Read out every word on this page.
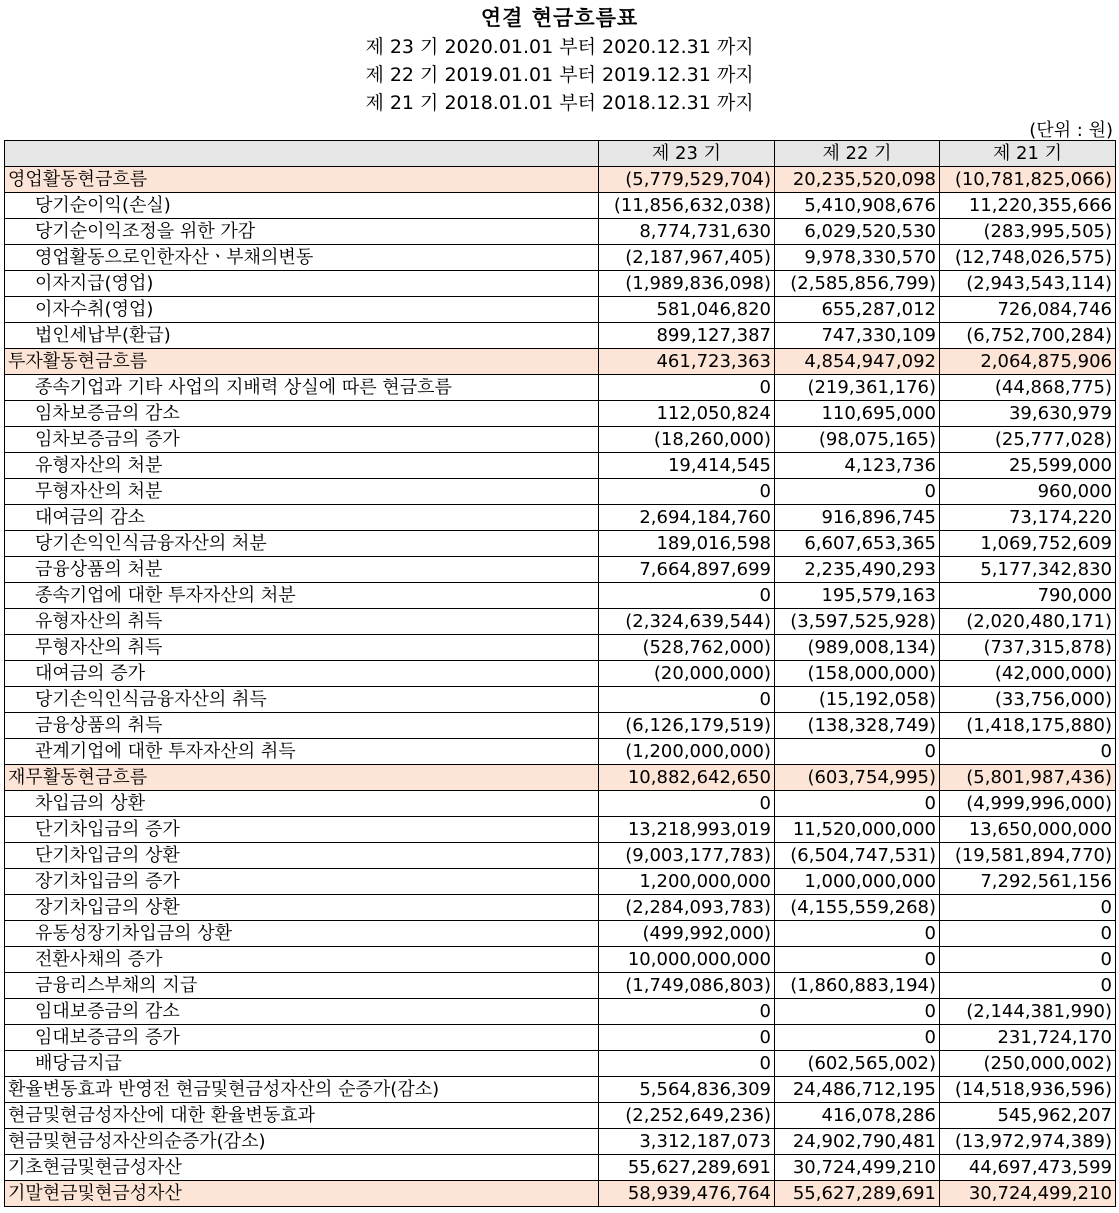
연결 현금흐름표
제 23 기 2020.01.01 부터 2020.12.31 까지
제 22 기 2019.01.01 부터 2019.12.31 까지
제 21 기 2018.01.01 부터 2018.12.31 까지
(단위 : 원)
	제 23 기	제 22 기	제 21 기
영업활동현금흐름	(5,779,529,704)	20,235,520,098	(10,781,825,066)
당기순이익(손실)	(11,856,632,038)	5,410,908,676	11,220,355,666
당기순이익조정을 위한 가감	8,774,731,630	6,029,520,530	(283,995,505)
영업활동으로인한자산ㆍ부채의변동	(2,187,967,405)	9,978,330,570	(12,748,026,575)
이자지급(영업)	(1,989,836,098)	(2,585,856,799)	(2,943,543,114)
이자수취(영업)	581,046,820	655,287,012	726,084,746
법인세납부(환급)	899,127,387	747,330,109	(6,752,700,284)
투자활동현금흐름	461,723,363	4,854,947,092	2,064,875,906
종속기업과 기타 사업의 지배력 상실에 따른 현금흐름	0	(219,361,176)	(44,868,775)
임차보증금의 감소	112,050,824	110,695,000	39,630,979
임차보증금의 증가	(18,260,000)	(98,075,165)	(25,777,028)
유형자산의 처분	19,414,545	4,123,736	25,599,000
무형자산의 처분	0	0	960,000
대여금의 감소	2,694,184,760	916,896,745	73,174,220
당기손익인식금융자산의 처분	189,016,598	6,607,653,365	1,069,752,609
금융상품의 처분	7,664,897,699	2,235,490,293	5,177,342,830
종속기업에 대한 투자자산의 처분	0	195,579,163	790,000
유형자산의 취득	(2,324,639,544)	(3,597,525,928)	(2,020,480,171)
무형자산의 취득	(528,762,000)	(989,008,134)	(737,315,878)
대여금의 증가	(20,000,000)	(158,000,000)	(42,000,000)
당기손익인식금융자산의 취득	0	(15,192,058)	(33,756,000)
금융상품의 취득	(6,126,179,519)	(138,328,749)	(1,418,175,880)
관계기업에 대한 투자자산의 취득	(1,200,000,000)	0	0
재무활동현금흐름	10,882,642,650	(603,754,995)	(5,801,987,436)
차입금의 상환	0	0	(4,999,996,000)
단기차입금의 증가	13,218,993,019	11,520,000,000	13,650,000,000
단기차입금의 상환	(9,003,177,783)	(6,504,747,531)	(19,581,894,770)
장기차입금의 증가	1,200,000,000	1,000,000,000	7,292,561,156
장기차입금의 상환	(2,284,093,783)	(4,155,559,268)	0
유동성장기차입금의 상환	(499,992,000)	0	0
전환사채의 증가	10,000,000,000	0	0
금융리스부채의 지급	(1,749,086,803)	(1,860,883,194)	0
임대보증금의 감소	0	0	(2,144,381,990)
임대보증금의 증가	0	0	231,724,170
배당금지급	0	(602,565,002)	(250,000,002)
환율변동효과 반영전 현금및현금성자산의 순증가(감소)	5,564,836,309	24,486,712,195	(14,518,936,596)
현금및현금성자산에 대한 환율변동효과	(2,252,649,236)	416,078,286	545,962,207
현금및현금성자산의순증가(감소)	3,312,187,073	24,902,790,481	(13,972,974,389)
기초현금및현금성자산	55,627,289,691	30,724,499,210	44,697,473,599
기말현금및현금성자산	58,939,476,764	55,627,289,691	30,724,499,210
